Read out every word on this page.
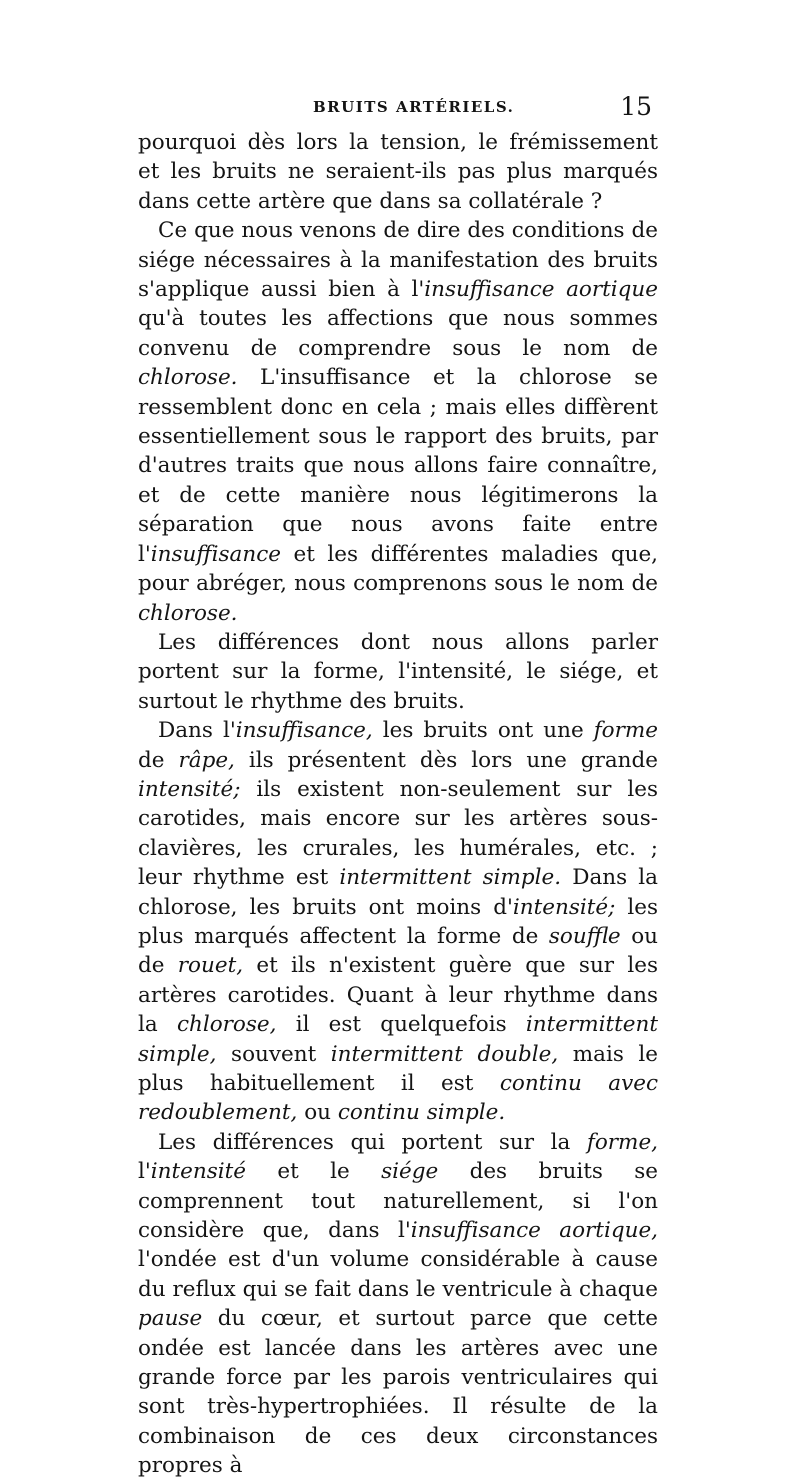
BRUITS ARTÉRIELS.	15

pourquoi dès lors la tension, le frémissement et les bruits ne seraient-ils pas plus marqués dans cette artère que dans sa collatérale ?

Ce que nous venons de dire des conditions de siége nécessaires à la manifestation des bruits s'applique aussi bien à l'insuffisance aortique qu'à toutes les affections que nous sommes convenu de comprendre sous le nom de chlorose. L'insuffisance et la chlorose se ressemblent donc en cela ; mais elles diffèrent essentiellement sous le rapport des bruits, par d'autres traits que nous allons faire connaître, et de cette manière nous légitimerons la séparation que nous avons faite entre l'insuffisance et les différentes maladies que, pour abréger, nous comprenons sous le nom de chlorose.

Les différences dont nous allons parler portent sur la forme, l'intensité, le siége, et surtout le rhythme des bruits.

Dans l'insuffisance, les bruits ont une forme de râpe, ils présentent dès lors une grande intensité; ils existent non-seulement sur les carotides, mais encore sur les artères sous-clavières, les crurales, les humérales, etc. ; leur rhythme est intermittent simple. Dans la chlorose, les bruits ont moins d'intensité; les plus marqués affectent la forme de souffle ou de rouet, et ils n'existent guère que sur les artères carotides. Quant à leur rhythme dans la chlorose, il est quelquefois intermittent simple, souvent intermittent double, mais le plus habituellement il est continu avec redoublement, ou continu simple.

Les différences qui portent sur la forme, l'intensité et le siége des bruits se comprennent tout naturellement, si l'on considère que, dans l'insuffisance aortique, l'ondée est d'un volume considérable à cause du reflux qui se fait dans le ventricule à chaque pause du cœur, et surtout parce que cette ondée est lancée dans les artères avec une grande force par les parois ventriculaires qui sont très-hypertrophiées. Il résulte de la combinaison de ces deux circonstances propres à
